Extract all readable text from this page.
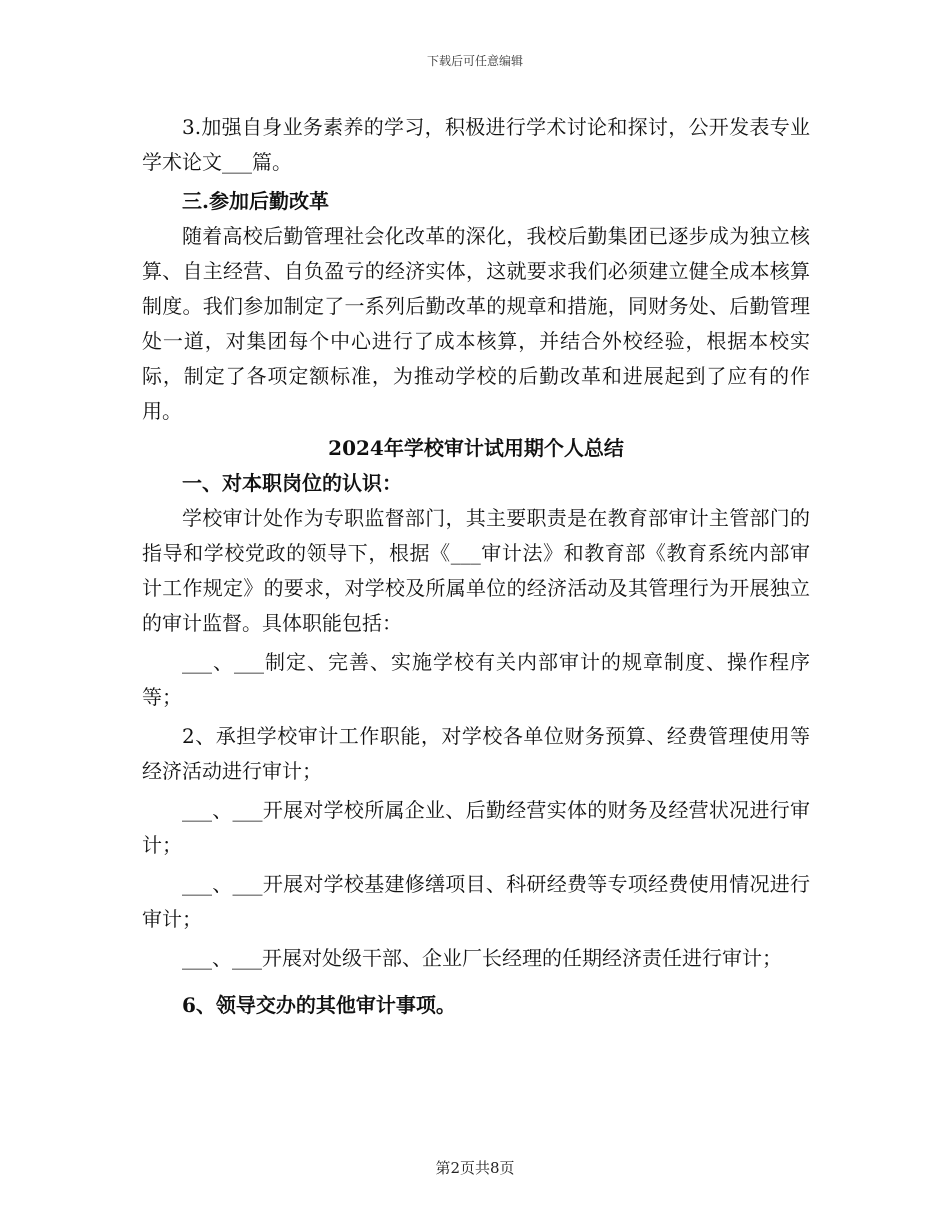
下载后可任意编辑

3.加强自身业务素养的学习，积极进行学术讨论和探讨，公开发表专业学术论文___篇。

三.参加后勤改革

随着高校后勤管理社会化改革的深化，我校后勤集团已逐步成为独立核算、自主经营、自负盈亏的经济实体，这就要求我们必须建立健全成本核算制度。我们参加制定了一系列后勤改革的规章和措施，同财务处、后勤管理处一道，对集团每个中心进行了成本核算，并结合外校经验，根据本校实际，制定了各项定额标准，为推动学校的后勤改革和进展起到了应有的作用。

2024年学校审计试用期个人总结

一、对本职岗位的认识：

学校审计处作为专职监督部门，其主要职责是在教育部审计主管部门的指导和学校党政的领导下，根据《___审计法》和教育部《教育系统内部审计工作规定》的要求，对学校及所属单位的经济活动及其管理行为开展独立的审计监督。具体职能包括：

___、___制定、完善、实施学校有关内部审计的规章制度、操作程序等；

2、承担学校审计工作职能，对学校各单位财务预算、经费管理使用等经济活动进行审计；

___、___开展对学校所属企业、后勤经营实体的财务及经营状况进行审计；

___、___开展对学校基建修缮项目、科研经费等专项经费使用情况进行审计；

___、___开展对处级干部、企业厂长经理的任期经济责任进行审计；

6、领导交办的其他审计事项。

第2页共8页
